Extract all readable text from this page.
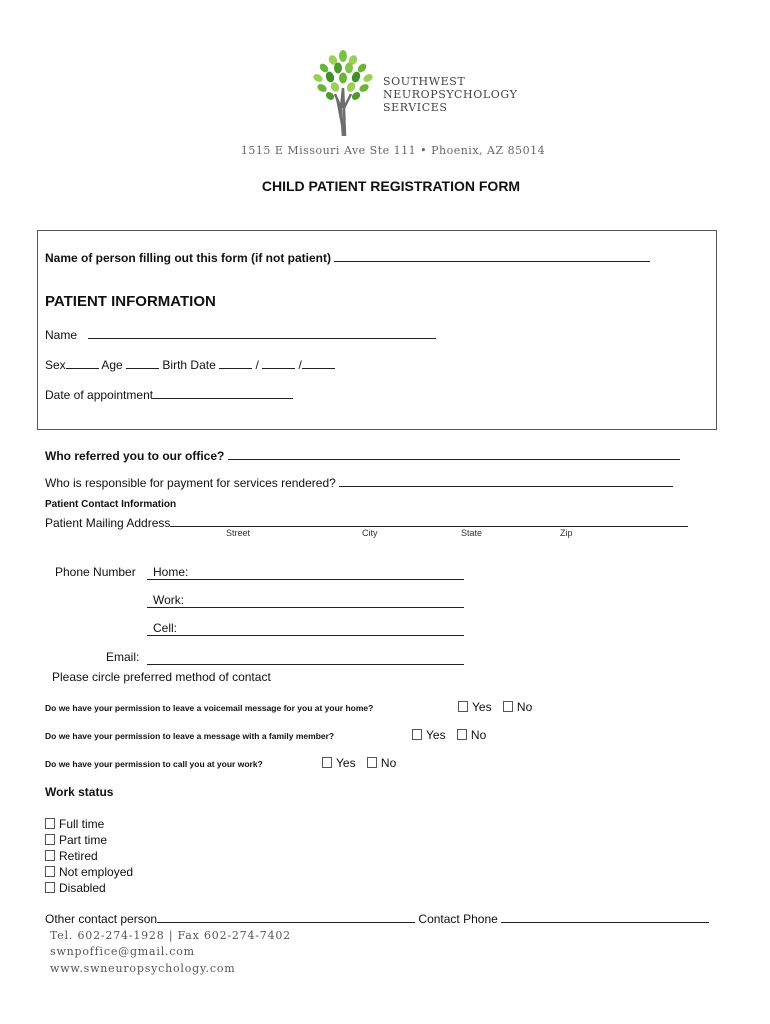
SOUTHWEST
NEUROPSYCHOLOGY
SERVICES
1515 E Missouri Ave Ste 111 • Phoenix, AZ 85014
CHILD PATIENT REGISTRATION FORM
Name of person filling out this form (if not patient)
PATIENT INFORMATION
Name
Sex	Age	Birth Date	/	/
Date of appointment
Who referred you to our office?
Who is responsible for payment for services rendered?
Patient Contact Information
Patient Mailing Address
Street	City	State	Zip
Phone Number	Home:
Work:
Cell:
Email:
Please circle preferred method of contact
Do we have your permission to leave a voicemail message for you at your home?	Yes No
Do we have your permission to leave a message with a family member?	Yes No
Do we have your permission to call you at your work?	Yes No
Work status
Full time
Part time
Retired
Not employed
Disabled
Other contact person	Contact Phone
Tel. 602-274-1928 | Fax 602-274-7402
swnpoffice@gmail.com
www.swneuropsychology.com
